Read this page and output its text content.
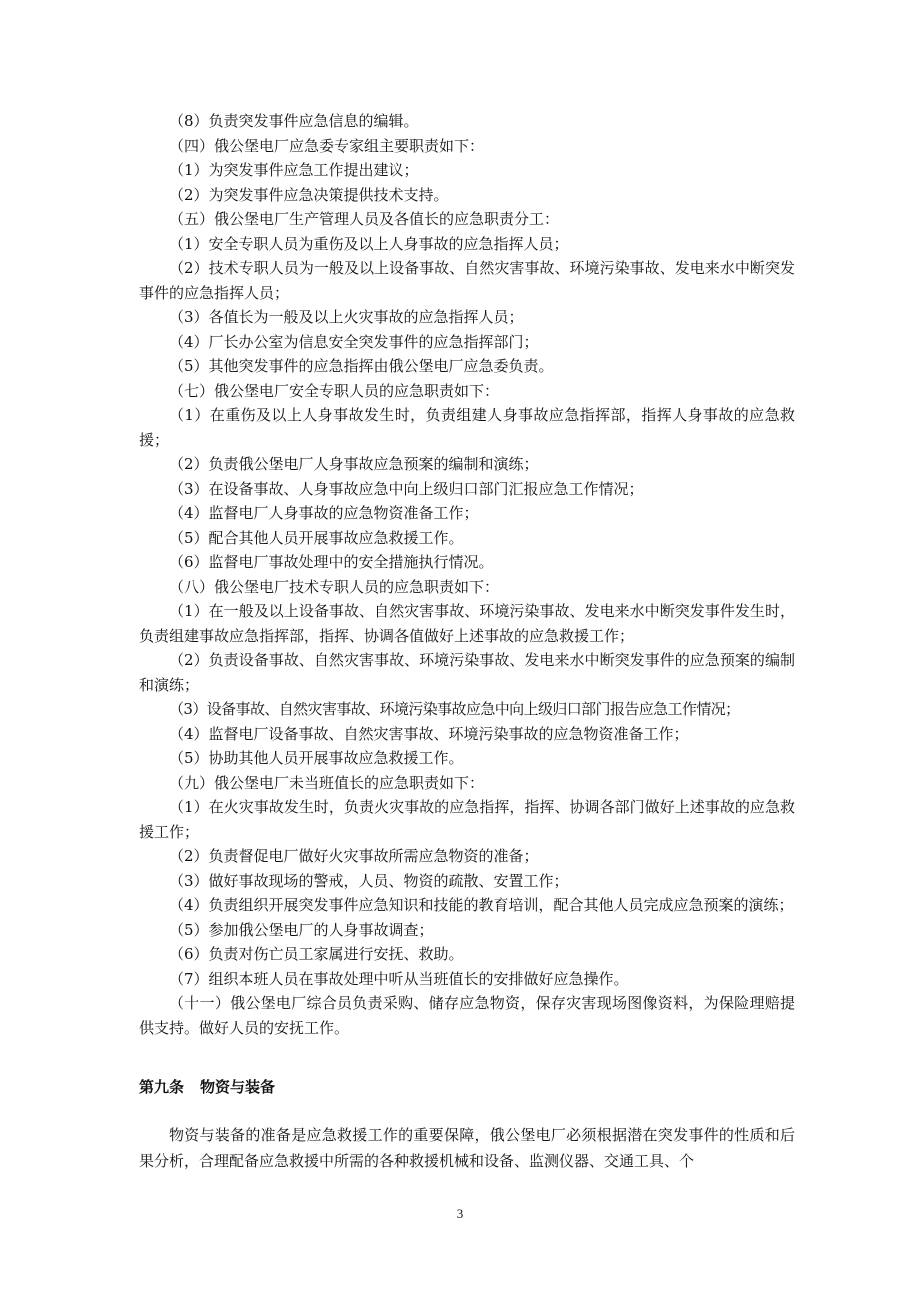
（8）负责突发事件应急信息的编辑。

（四）俄公堡电厂应急委专家组主要职责如下：

（1）为突发事件应急工作提出建议；

（2）为突发事件应急决策提供技术支持。

（五）俄公堡电厂生产管理人员及各值长的应急职责分工：

（1）安全专职人员为重伤及以上人身事故的应急指挥人员；

（2）技术专职人员为一般及以上设备事故、自然灾害事故、环境污染事故、发电来水中断突发事件的应急指挥人员；

（3）各值长为一般及以上火灾事故的应急指挥人员；

（4）厂长办公室为信息安全突发事件的应急指挥部门；

（5）其他突发事件的应急指挥由俄公堡电厂应急委负责。

（七）俄公堡电厂安全专职人员的应急职责如下：

（1）在重伤及以上人身事故发生时，负责组建人身事故应急指挥部，指挥人身事故的应急救援；

（2）负责俄公堡电厂人身事故应急预案的编制和演练；

（3）在设备事故、人身事故应急中向上级归口部门汇报应急工作情况；

（4）监督电厂人身事故的应急物资准备工作；

（5）配合其他人员开展事故应急救援工作。

（6）监督电厂事故处理中的安全措施执行情况。

（八）俄公堡电厂技术专职人员的应急职责如下：

（1）在一般及以上设备事故、自然灾害事故、环境污染事故、发电来水中断突发事件发生时，负责组建事故应急指挥部，指挥、协调各值做好上述事故的应急救援工作；

（2）负责设备事故、自然灾害事故、环境污染事故、发电来水中断突发事件的应急预案的编制和演练；

（3）设备事故、自然灾害事故、环境污染事故应急中向上级归口部门报告应急工作情况；

（4）监督电厂设备事故、自然灾害事故、环境污染事故的应急物资准备工作；

（5）协助其他人员开展事故应急救援工作。

（九）俄公堡电厂未当班值长的应急职责如下：

（1）在火灾事故发生时，负责火灾事故的应急指挥，指挥、协调各部门做好上述事故的应急救援工作；

（2）负责督促电厂做好火灾事故所需应急物资的准备；

（3）做好事故现场的警戒，人员、物资的疏散、安置工作；

（4）负责组织开展突发事件应急知识和技能的教育培训，配合其他人员完成应急预案的演练；

（5）参加俄公堡电厂的人身事故调查；

（6）负责对伤亡员工家属进行安抚、救助。

（7）组织本班人员在事故处理中听从当班值长的安排做好应急操作。

（十一）俄公堡电厂综合员负责采购、储存应急物资，保存灾害现场图像资料，为保险理赔提供支持。做好人员的安抚工作。

第九条 物资与装备

物资与装备的准备是应急救援工作的重要保障，俄公堡电厂必须根据潜在突发事件的性质和后果分析，合理配备应急救援中所需的各种救援机械和设备、监测仪器、交通工具、个

3
